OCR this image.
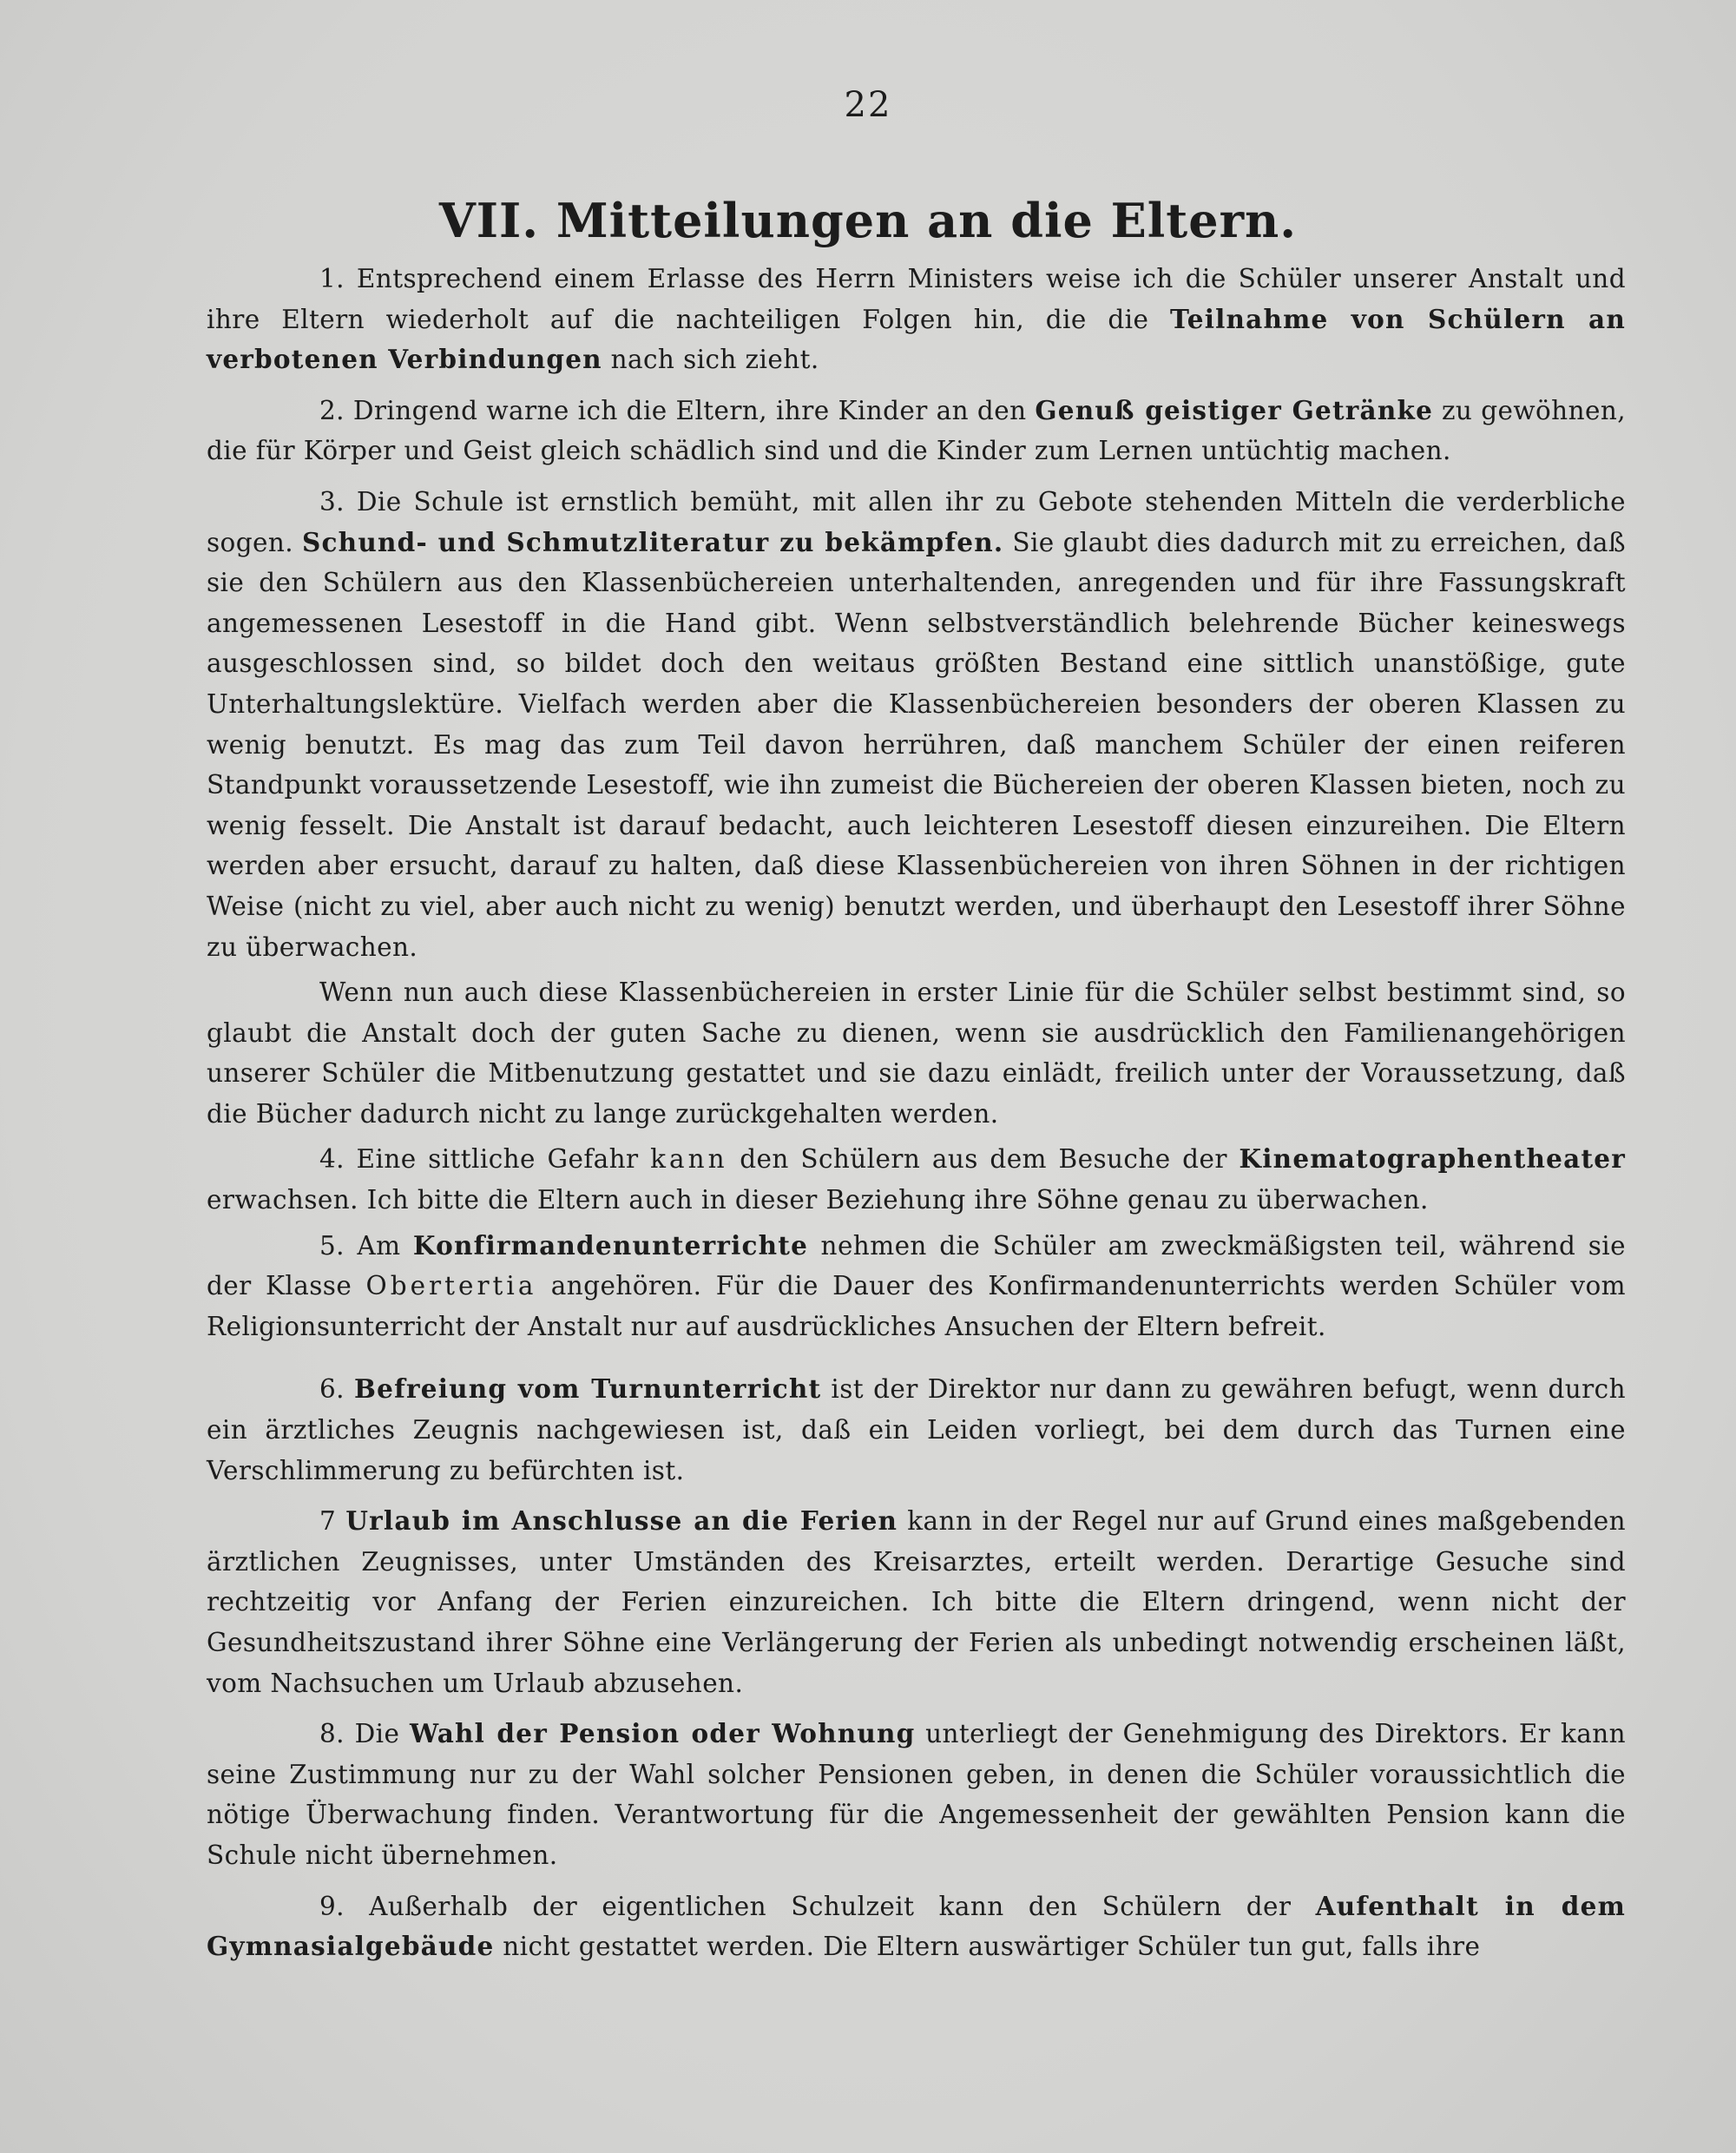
22
VII. Mitteilungen an die Eltern.

1. Entsprechend einem Erlasse des Herrn Ministers weise ich die Schüler unserer Anstalt und ihre Eltern wiederholt auf die nachteiligen Folgen hin, die die Teilnahme von Schülern an verbotenen Verbindungen nach sich zieht.

2. Dringend warne ich die Eltern, ihre Kinder an den Genuß geistiger Getränke zu gewöhnen, die für Körper und Geist gleich schädlich sind und die Kinder zum Lernen untüchtig machen.

3. Die Schule ist ernstlich bemüht, mit allen ihr zu Gebote stehenden Mitteln die verderbliche sogen. Schund- und Schmutzliteratur zu bekämpfen. Sie glaubt dies dadurch mit zu erreichen, daß sie den Schülern aus den Klassenbüchereien unterhaltenden, anregenden und für ihre Fassungskraft angemessenen Lesestoff in die Hand gibt. Wenn selbstverständlich belehrende Bücher keineswegs ausgeschlossen sind, so bildet doch den weitaus größten Bestand eine sittlich unanstößige, gute Unterhaltungslektüre. Vielfach werden aber die Klassenbüchereien besonders der oberen Klassen zu wenig benutzt. Es mag das zum Teil davon herrühren, daß manchem Schüler der einen reiferen Standpunkt voraussetzende Lesestoff, wie ihn zumeist die Büchereien der oberen Klassen bieten, noch zu wenig fesselt. Die Anstalt ist darauf bedacht, auch leichteren Lesestoff diesen einzureihen. Die Eltern werden aber ersucht, darauf zu halten, daß diese Klassenbüchereien von ihren Söhnen in der richtigen Weise (nicht zu viel, aber auch nicht zu wenig) benutzt werden, und überhaupt den Lesestoff ihrer Söhne zu überwachen.

Wenn nun auch diese Klassenbüchereien in erster Linie für die Schüler selbst bestimmt sind, so glaubt die Anstalt doch der guten Sache zu dienen, wenn sie ausdrücklich den Familienangehörigen unserer Schüler die Mitbenutzung gestattet und sie dazu einlädt, freilich unter der Voraussetzung, daß die Bücher dadurch nicht zu lange zurückgehalten werden.

4. Eine sittliche Gefahr kann den Schülern aus dem Besuche der Kinematographentheater erwachsen. Ich bitte die Eltern auch in dieser Beziehung ihre Söhne genau zu überwachen.

5. Am Konfirmandenunterrichte nehmen die Schüler am zweckmäßigsten teil, während sie der Klasse Obertertia angehören. Für die Dauer des Konfirmandenunterrichts werden Schüler vom Religionsunterricht der Anstalt nur auf ausdrückliches Ansuchen der Eltern befreit.

6. Befreiung vom Turnunterricht ist der Direktor nur dann zu gewähren befugt, wenn durch ein ärztliches Zeugnis nachgewiesen ist, daß ein Leiden vorliegt, bei dem durch das Turnen eine Verschlimmerung zu befürchten ist.

7 Urlaub im Anschlusse an die Ferien kann in der Regel nur auf Grund eines maßgebenden ärztlichen Zeugnisses, unter Umständen des Kreisarztes, erteilt werden. Derartige Gesuche sind rechtzeitig vor Anfang der Ferien einzureichen. Ich bitte die Eltern dringend, wenn nicht der Gesundheitszustand ihrer Söhne eine Verlängerung der Ferien als unbedingt notwendig erscheinen läßt, vom Nachsuchen um Urlaub abzusehen.

8. Die Wahl der Pension oder Wohnung unterliegt der Genehmigung des Direktors. Er kann seine Zustimmung nur zu der Wahl solcher Pensionen geben, in denen die Schüler voraussichtlich die nötige Überwachung finden. Verantwortung für die Angemessenheit der gewählten Pension kann die Schule nicht übernehmen.

9. Außerhalb der eigentlichen Schulzeit kann den Schülern der Aufenthalt in dem Gymnasialgebäude nicht gestattet werden. Die Eltern auswärtiger Schüler tun gut, falls ihre
